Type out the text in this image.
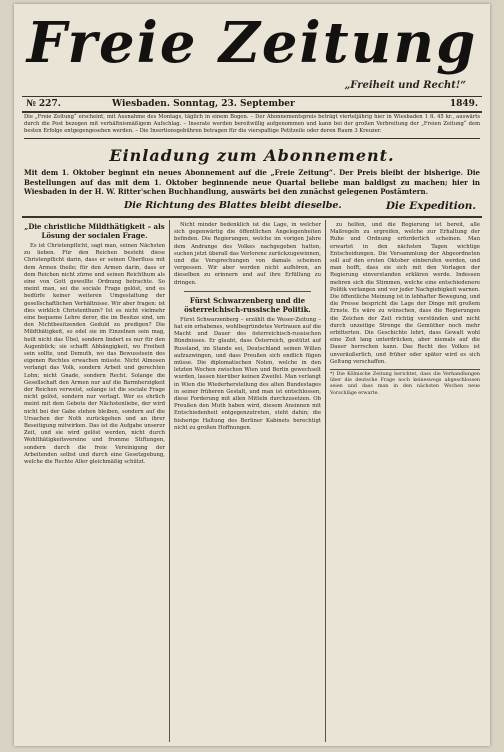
Freie Zeitung
„Freiheit und Recht!“
№ 227.	Wiesbaden. Sonntag, 23. September	1849.
Die „Freie Zeitung“ erscheint, mit Ausnahme des Montags, täglich in einem Bogen. – Der Abonnementspreis beträgt vierteljährig hier in Wiesbaden 1 fl. 45 kr., auswärts durch die Post bezogen mit verhältnismäßigem Aufschlag. – Inserate werden bereitwillig aufgenommen und kann bei der großen Verbreitung der „Freien Zeitung“ dem besten Erfolge entgegengesehen werden. – Die Insertionsgebühren betragen für die vierspaltige Petitzeile oder deren Raum 3 Kreuzer.
Einladung zum Abonnement.
Mit dem 1. Oktober beginnt ein neues Abonnement auf die „Freie Zeitung“. Der Preis bleibt der bisherige. Die Bestellungen auf das mit dem 1. Oktober beginnende neue Quartal beliebe man baldigst zu machen; hier in Wiesbaden in der H. W. Ritter'schen Buchhandlung, auswärts bei den zunächst gelegenen Postämtern.
Die Richtung des Blattes bleibt dieselbe.	Die Expedition.
„Die christliche Mildthätigkeit – als Lösung der socialen Frage.

Es ist Christenpflicht, sagt man, seinen Nächsten zu lieben. Für den Reichen besteht diese Christenpflicht darin, dass er seinen Überfluss mit dem Armen theile; für den Armen darin, dass er dem Reichen nicht zürne und seinen Reichthum als eine von Gott gewollte Ordnung betrachte. So meint man, sei die sociale Frage gelöst, und es bedürfe keiner weiteren Umgestaltung der gesellschaftlichen Verhältnisse. Wir aber fragen: ist dies wirklich Christenthum? Ist es nicht vielmehr eine bequeme Lehre derer, die im Besitze sind, um den Nichtbesitzenden Geduld zu predigen? Die Mildthätigkeit, so edel sie im Einzelnen sein mag, heilt nicht das Übel, sondern lindert es nur für den Augenblick; sie schafft Abhängigkeit, wo Freiheit sein sollte, und Demuth, wo das Bewusstsein des eigenen Rechtes erwachen müsste. Nicht Almosen verlangt das Volk, sondern Arbeit und gerechten Lohn; nicht Gnade, sondern Recht. Solange die Gesellschaft den Armen nur auf die Barmherzigkeit der Reichen verweist, solange ist die sociale Frage nicht gelöst, sondern nur vertagt. Wer es ehrlich meint mit dem Gebote der Nächstenliebe, der wird nicht bei der Gabe stehen bleiben, sondern auf die Ursachen der Noth zurückgehen und an ihrer Beseitigung mitwirken. Das ist die Aufgabe unserer Zeit, und sie wird gelöst werden, nicht durch Wohlthätigkeitsvereine und fromme Stiftungen, sondern durch die freie Vereinigung der Arbeitenden selbst und durch eine Gesetzgebung, welche die Rechte Aller gleichmäßig schützt.

Nicht minder bedenklich ist die Lage, in welcher sich gegenwärtig die öffentlichen Angelegenheiten befinden. Die Regierungen, welche im vorigen Jahre dem Andrange des Volkes nachgegeben hatten, suchen jetzt überall das Verlorene zurückzugewinnen, und die Versprechungen von damals scheinen vergessen. Wir aber werden nicht aufhören, an dieselben zu erinnern und auf ihre Erfüllung zu dringen.

Fürst Schwarzenberg und die österreichisch-russische Politik.

Fürst Schwarzenberg – erzählt die Weser-Zeitung – hat ein erhabenes, wohlbegründetes Vertrauen auf die Macht und Dauer des österreichisch-russischen Bündnisses. Er glaubt, dass Österreich, gestützt auf Russland, im Stande sei, Deutschland seinen Willen aufzuzwingen, und dass Preußen sich endlich fügen müsse. Die diplomatischen Noten, welche in den letzten Wochen zwischen Wien und Berlin gewechselt wurden, lassen hierüber keinen Zweifel. Man verlangt in Wien die Wiederherstellung des alten Bundestages in seiner früheren Gestalt, und man ist entschlossen, diese Forderung mit allen Mitteln durchzusetzen. Ob Preußen den Muth haben wird, diesem Ansinnen mit Entschiedenheit entgegenzutreten, steht dahin; die bisherige Haltung des Berliner Kabinets berechtigt nicht zu großen Hoffnungen.

zu helfen, und die Regierung ist bereit, alle Maßregeln zu ergreifen, welche zur Erhaltung der Ruhe und Ordnung erforderlich scheinen. Man erwartet in den nächsten Tagen wichtige Entscheidungen. Die Versammlung der Abgeordneten soll auf den ersten Oktober einberufen werden, und man hofft, dass sie sich mit den Vorlagen der Regierung einverstanden erklären werde. Indessen mehren sich die Stimmen, welche eine entschiedenere Politik verlangen und vor jeder Nachgiebigkeit warnen. Die öffentliche Meinung ist in lebhafter Bewegung, und die Presse bespricht die Lage der Dinge mit großem Ernste. Es wäre zu wünschen, dass die Regierungen die Zeichen der Zeit richtig verstünden und nicht durch unzeitige Strenge die Gemüther noch mehr erbitterten. Die Geschichte lehrt, dass Gewalt wohl eine Zeit lang unterdrücken, aber niemals auf die Dauer herrschen kann. Das Recht des Volkes ist unveräußerlich, und früher oder später wird es sich Geltung verschaffen.

*) Die Kölnische Zeitung berichtet, dass die Verhandlungen über die deutsche Frage noch keineswegs abgeschlossen seien und dass man in den nächsten Wochen neue Vorschläge erwarte.
